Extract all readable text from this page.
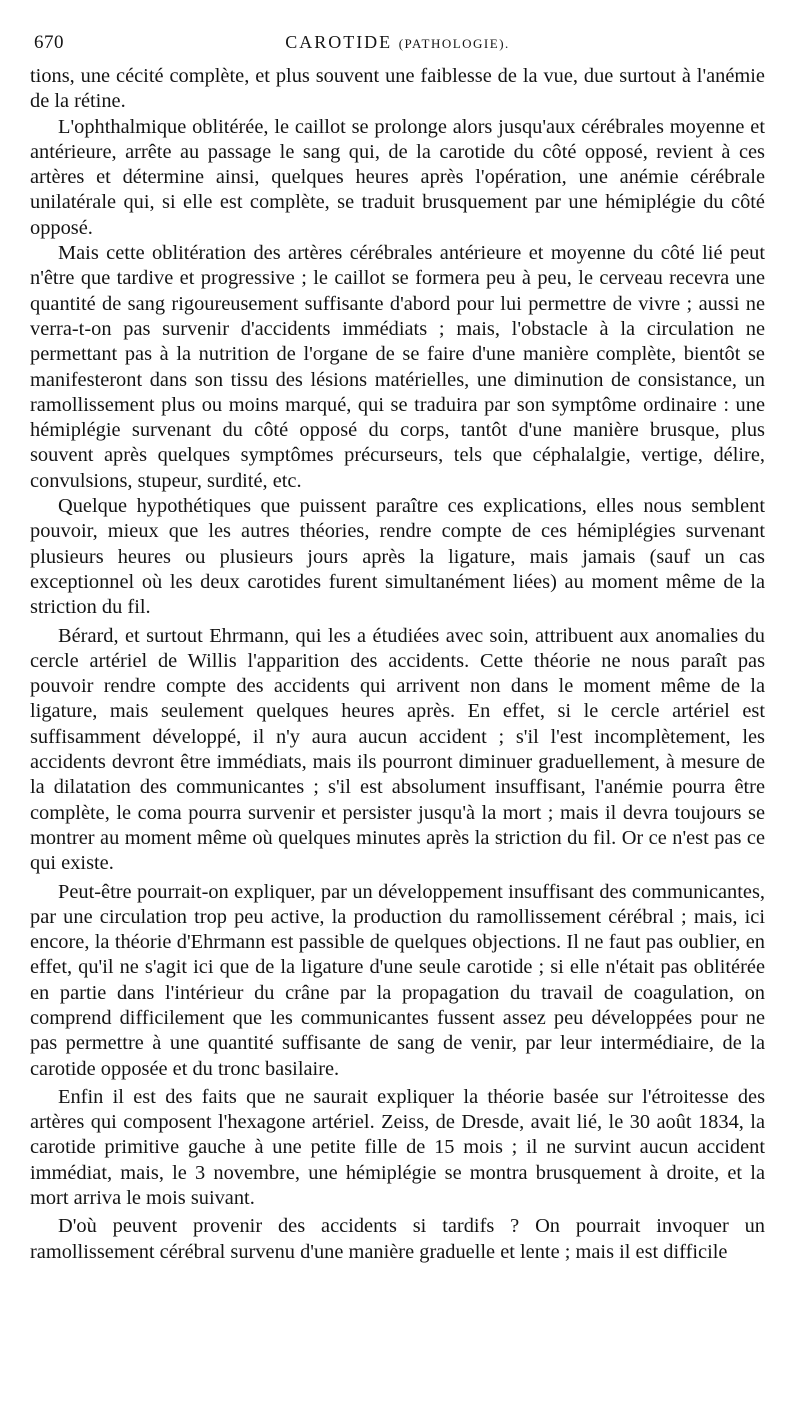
670	CAROTIDE (PATHOLOGIE).

tions, une cécité complète, et plus souvent une faiblesse de la vue, due surtout à l'anémie de la rétine.

L'ophthalmique oblitérée, le caillot se prolonge alors jusqu'aux cérébrales moyenne et antérieure, arrête au passage le sang qui, de la carotide du côté opposé, revient à ces artères et détermine ainsi, quelques heures après l'opération, une anémie cérébrale unilatérale qui, si elle est complète, se traduit brusquement par une hémiplégie du côté opposé.

Mais cette oblitération des artères cérébrales antérieure et moyenne du côté lié peut n'être que tardive et progressive ; le caillot se formera peu à peu, le cerveau recevra une quantité de sang rigoureusement suffisante d'abord pour lui permettre de vivre ; aussi ne verra-t-on pas survenir d'accidents immédiats ; mais, l'obstacle à la circulation ne permettant pas à la nutrition de l'organe de se faire d'une manière complète, bientôt se manifesteront dans son tissu des lésions matérielles, une diminution de consistance, un ramollissement plus ou moins marqué, qui se traduira par son symptôme ordinaire : une hémiplégie survenant du côté opposé du corps, tantôt d'une manière brusque, plus souvent après quelques symptômes précurseurs, tels que céphalalgie, vertige, délire, convulsions, stupeur, surdité, etc.

Quelque hypothétiques que puissent paraître ces explications, elles nous semblent pouvoir, mieux que les autres théories, rendre compte de ces hémiplégies survenant plusieurs heures ou plusieurs jours après la ligature, mais jamais (sauf un cas exceptionnel où les deux carotides furent simultanément liées) au moment même de la striction du fil.

Bérard, et surtout Ehrmann, qui les a étudiées avec soin, attribuent aux anomalies du cercle artériel de Willis l'apparition des accidents. Cette théorie ne nous paraît pas pouvoir rendre compte des accidents qui arrivent non dans le moment même de la ligature, mais seulement quelques heures après. En effet, si le cercle artériel est suffisamment développé, il n'y aura aucun accident ; s'il l'est incomplètement, les accidents devront être immédiats, mais ils pourront diminuer graduellement, à mesure de la dilatation des communicantes ; s'il est absolument insuffisant, l'anémie pourra être complète, le coma pourra survenir et persister jusqu'à la mort ; mais il devra toujours se montrer au moment même où quelques minutes après la striction du fil. Or ce n'est pas ce qui existe.

Peut-être pourrait-on expliquer, par un développement insuffisant des communicantes, par une circulation trop peu active, la production du ramollissement cérébral ; mais, ici encore, la théorie d'Ehrmann est passible de quelques objections. Il ne faut pas oublier, en effet, qu'il ne s'agit ici que de la ligature d'une seule carotide ; si elle n'était pas oblitérée en partie dans l'intérieur du crâne par la propagation du travail de coagulation, on comprend difficilement que les communicantes fussent assez peu développées pour ne pas permettre à une quantité suffisante de sang de venir, par leur intermédiaire, de la carotide opposée et du tronc basilaire.

Enfin il est des faits que ne saurait expliquer la théorie basée sur l'étroitesse des artères qui composent l'hexagone artériel. Zeiss, de Dresde, avait lié, le 30 août 1834, la carotide primitive gauche à une petite fille de 15 mois ; il ne survint aucun accident immédiat, mais, le 3 novembre, une hémiplégie se montra brusquement à droite, et la mort arriva le mois suivant.

D'où peuvent provenir des accidents si tardifs ? On pourrait invoquer un ramollissement cérébral survenu d'une manière graduelle et lente ; mais il est difficile
